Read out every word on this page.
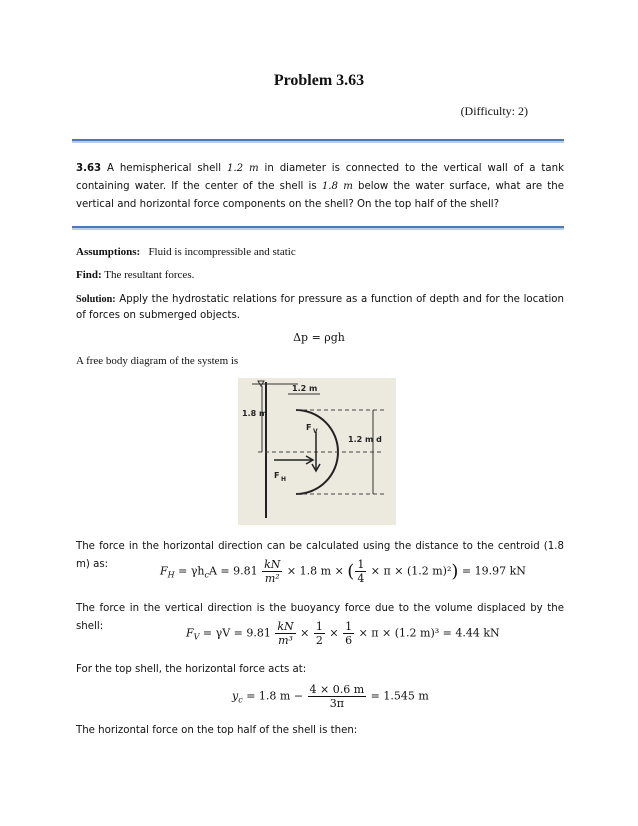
Problem 3.63
(Difficulty: 2)
3.63 A hemispherical shell 1.2 m in diameter is connected to the vertical wall of a tank containing water. If the center of the shell is 1.8 m below the water surface, what are the vertical and horizontal force components on the shell? On the top half of the shell?
Assumptions: Fluid is incompressible and static
Find: The resultant forces.
Solution: Apply the hydrostatic relations for pressure as a function of depth and for the location of forces on submerged objects.
Δp = ρgh
A free body diagram of the system is
1.2 m
1.8 m
1.2 m d
F V
F H
The force in the horizontal direction can be calculated using the distance to the centroid (1.8 m) as:	$F_H = \gamma h_cA = 9.81 \frac{kN}{\text{m²}} \times 1.8$ m × ( $\frac{1}{4} \times \pi \times (1.2$ m)²) = 19.97 kN
The force in the vertical direction is the buoyancy force due to the volume displaced by the shell:	$F_V = \gamma V = 9.81 \frac{kN}{\text{m³}} \times \frac{1}{2} \times \frac{1}{6} \times \pi \times (1.2$ m)³ = 4.44 kN
For the top shell, the horizontal force acts at:
$y_c = 1.8$ $m - \frac{4 \times 0.6 m}{3\pi} = 1.545$ m
The horizontal force on the top half of the shell is then:
